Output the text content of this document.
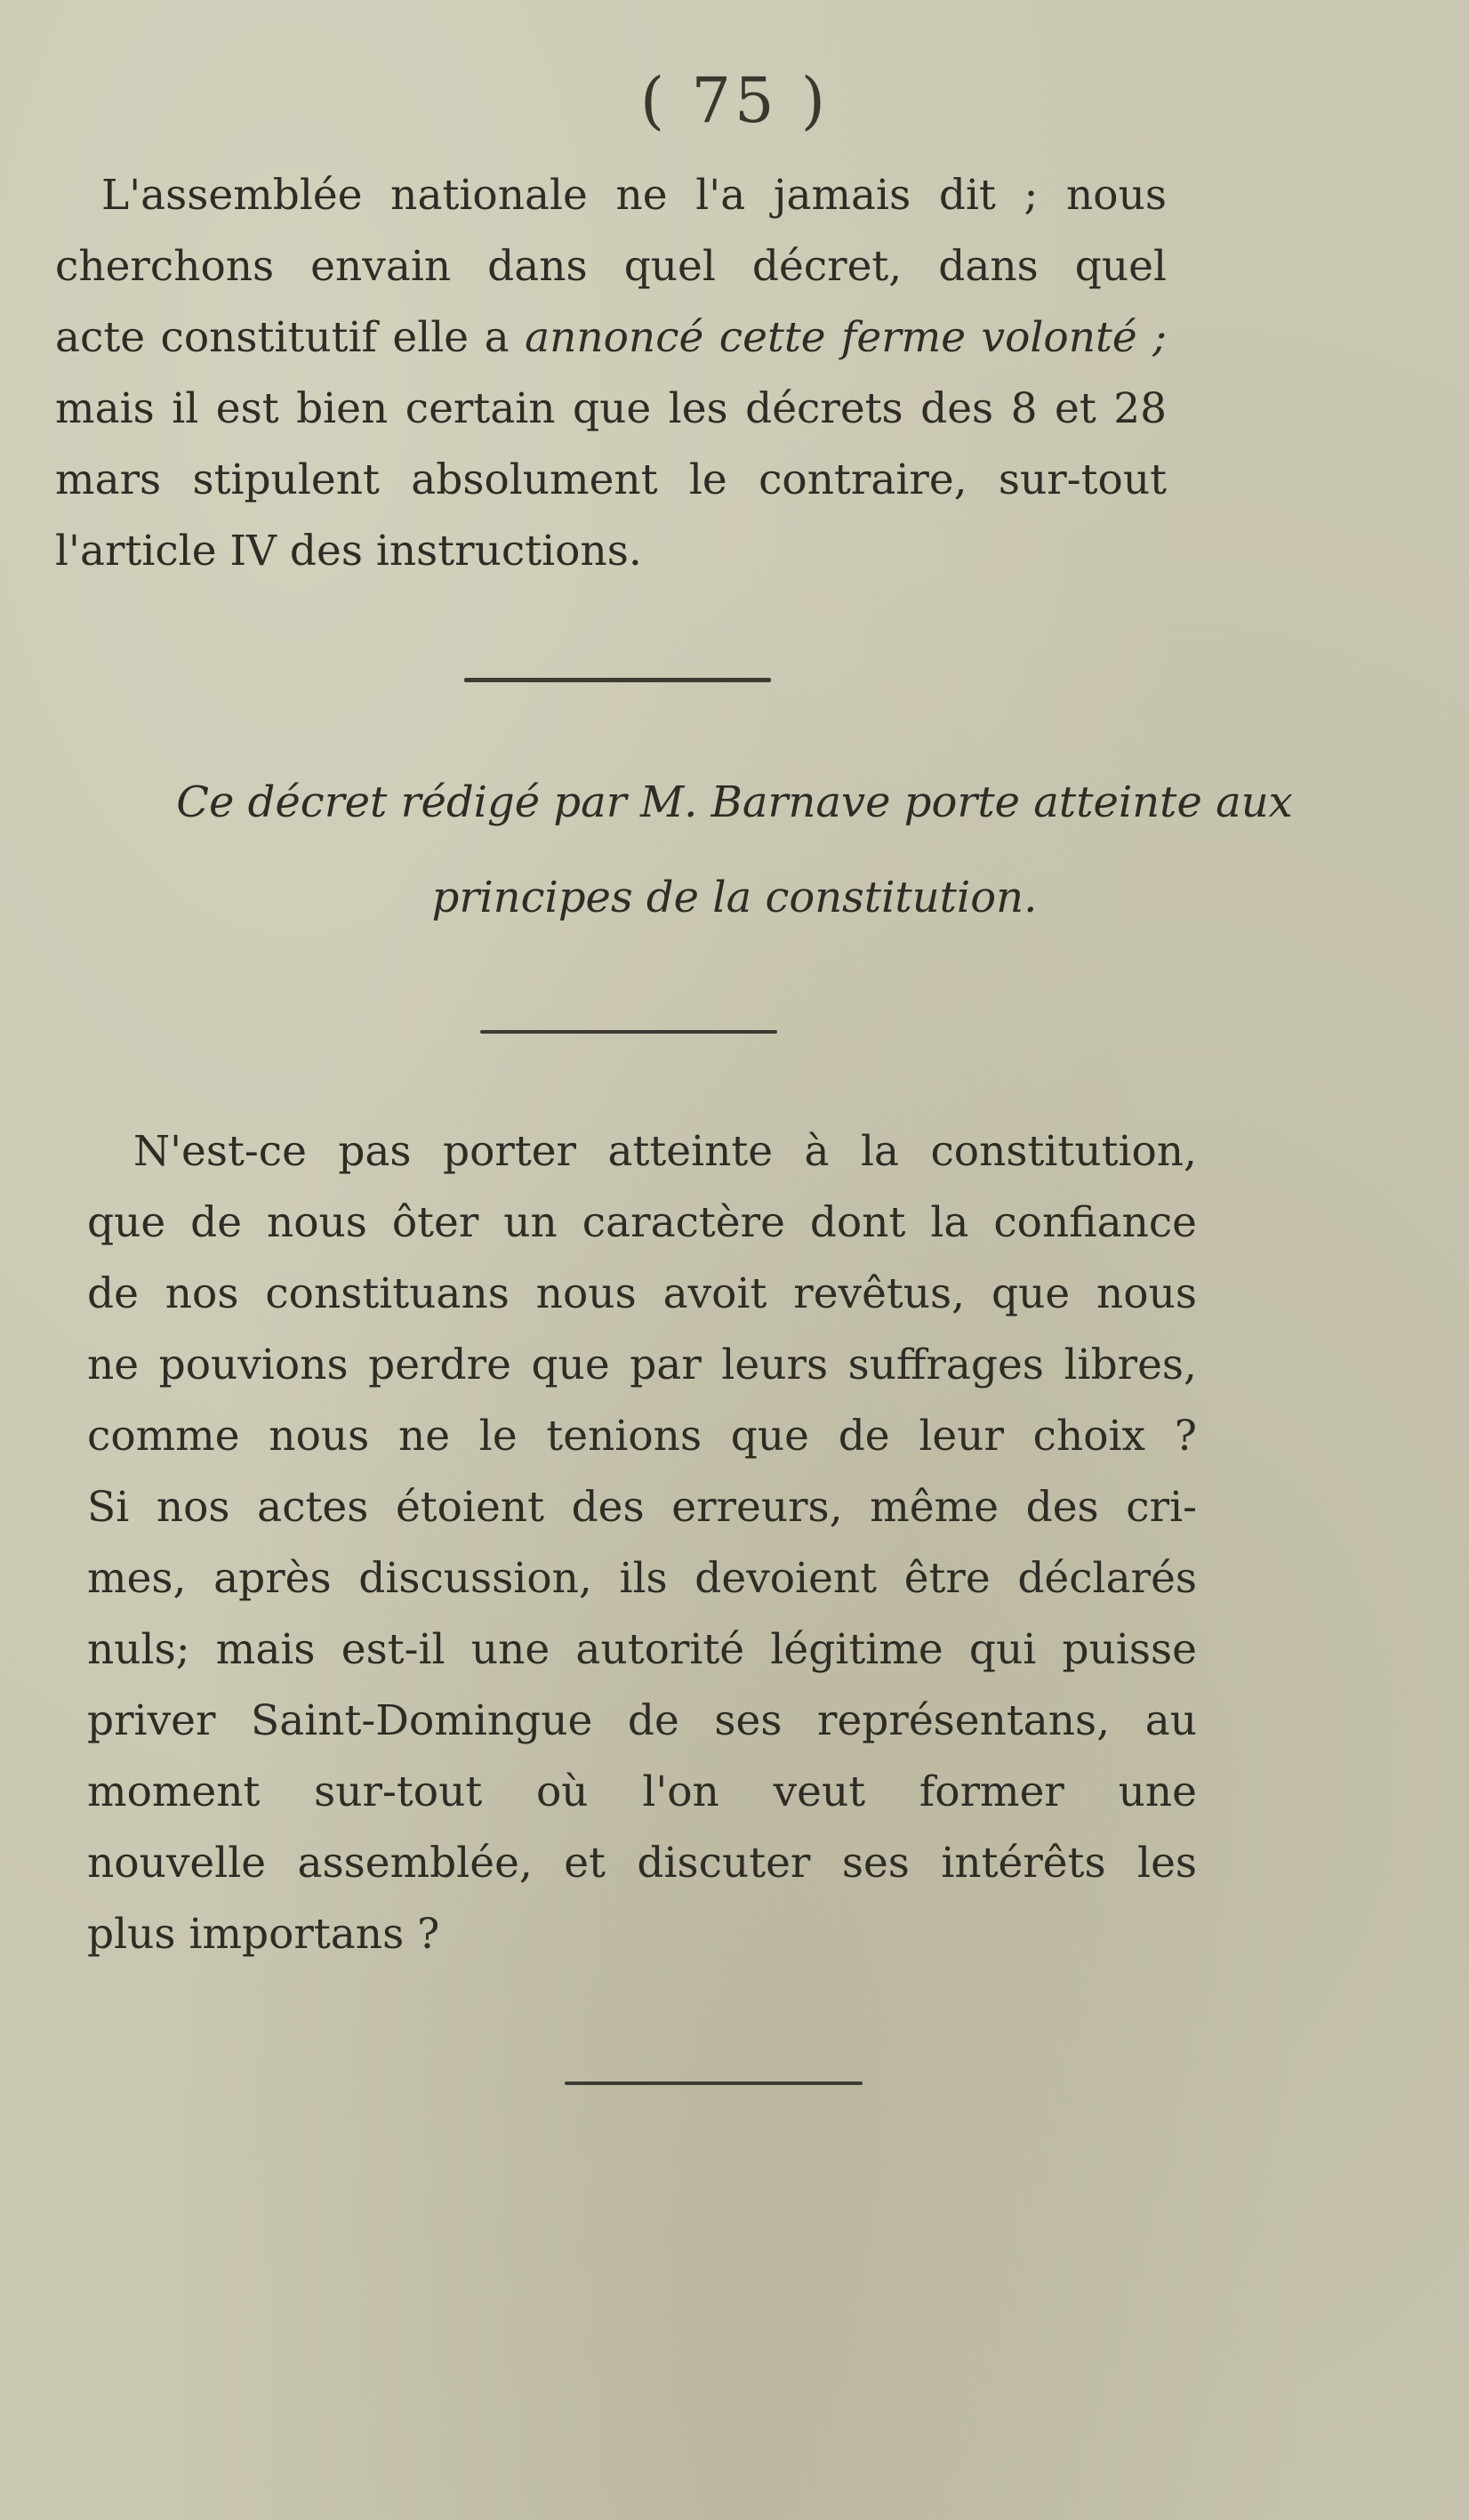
( 75 )

L'assemblée nationale ne l'a jamais dit ; nous
cherchons envain dans quel décret, dans quel
acte constitutif elle a annoncé cette ferme volonté ;
mais il est bien certain que les décrets des 8 et 28
mars stipulent absolument le contraire, sur-tout
l'article IV des instructions.

Ce décret rédigé par M. Barnave porte atteinte aux
principes de la constitution.

N'est-ce pas porter atteinte à la constitution,
que de nous ôter un caractère dont la confiance
de nos constituans nous avoit revêtus, que nous
ne pouvions perdre que par leurs suffrages libres,
comme nous ne le tenions que de leur choix ?
Si nos actes étoient des erreurs, même des cri-
mes, après discussion, ils devoient être déclarés
nuls; mais est-il une autorité légitime qui puisse
priver Saint-Domingue de ses représentans, au
moment sur-tout où l'on veut former une
nouvelle assemblée, et discuter ses intérêts les
plus importans ?
